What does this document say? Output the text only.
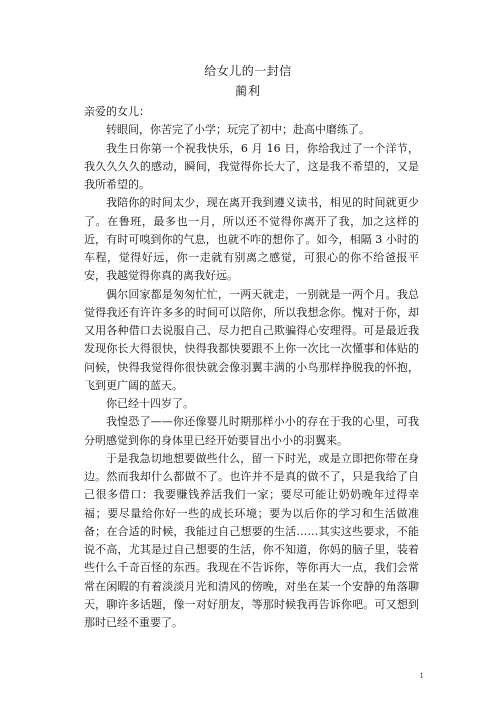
给女儿的一封信
蔺利

亲爱的女儿：

转眼间，你苦完了小学；玩完了初中；赴高中磨练了。

我生日你第一个祝我快乐，6 月 16 日，你给我过了一个洋节，我久久久久的感动，瞬间，我觉得你长大了，这是我不希望的，又是我所希望的。

我陪你的时间太少，现在离开我到遵义读书，相见的时间就更少了。在鲁班，最多也一月，所以还不觉得你离开了我，加之这样的近，有时可嗅到你的气息，也就不咋的想你了。如今，相隔 3 小时的车程，觉得好远，你一走就有别离之感觉，可狠心的你不给爸报平安，我越觉得你真的离我好远。

偶尔回家都是匆匆忙忙，一两天就走，一别就是一两个月。我总觉得我还有许许多多的时间可以陪你，所以我想念你。愧对于你，却又用各种借口去说服自己、尽力把自己欺骗得心安理得。可是最近我发现你长大得很快，快得我都快要跟不上你一次比一次懂事和体贴的问候，快得我觉得你很快就会像羽翼丰满的小鸟那样挣脱我的怀抱，飞到更广阔的蓝天。

你已经十四岁了。

我惶恐了——你还像婴儿时期那样小小的存在于我的心里，可我分明感觉到你的身体里已经开始要冒出小小的羽翼来。

于是我急切地想要做些什么，留一下时光，或是立即把你带在身边。然而我却什么都做不了。也许并不是真的做不了，只是我给了自己很多借口：我要赚钱养活我们一家；要尽可能让奶奶晚年过得幸福；要尽量给你好一些的成长环境；要为以后你的学习和生活做准备；在合适的时候，我能过自己想要的生活……其实这些要求，不能说不高，尤其是过自己想要的生活，你不知道，你妈的脑子里，装着些什么千奇百怪的东西。我现在不告诉你，等你再大一点，我们会常常在闲暇的有着淡淡月光和清风的傍晚，对坐在某一个安静的角落聊天，聊许多话题，像一对好朋友，等那时候我再告诉你吧。可又想到那时已经不重要了。

1
